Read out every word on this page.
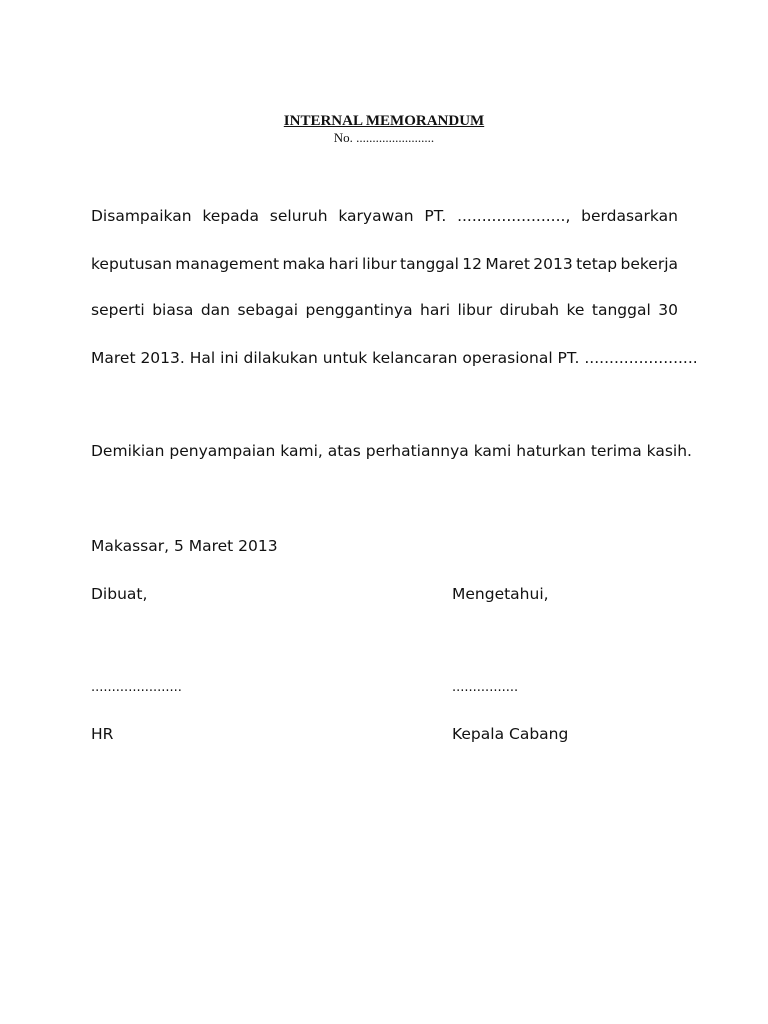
INTERNAL MEMORANDUM
No. ........................
Disampaikan kepada seluruh karyawan PT. ......................, berdasarkan
keputusan management maka hari libur tanggal 12 Maret 2013 tetap bekerja
seperti biasa dan sebagai penggantinya hari libur dirubah ke tanggal 30
Maret 2013. Hal ini dilakukan untuk kelancaran operasional PT. .......................
Demikian penyampaian kami, atas perhatiannya kami haturkan terima kasih.
Makassar, 5 Maret 2013
Dibuat,	Mengetahui,
......................	................
HR	Kepala Cabang
